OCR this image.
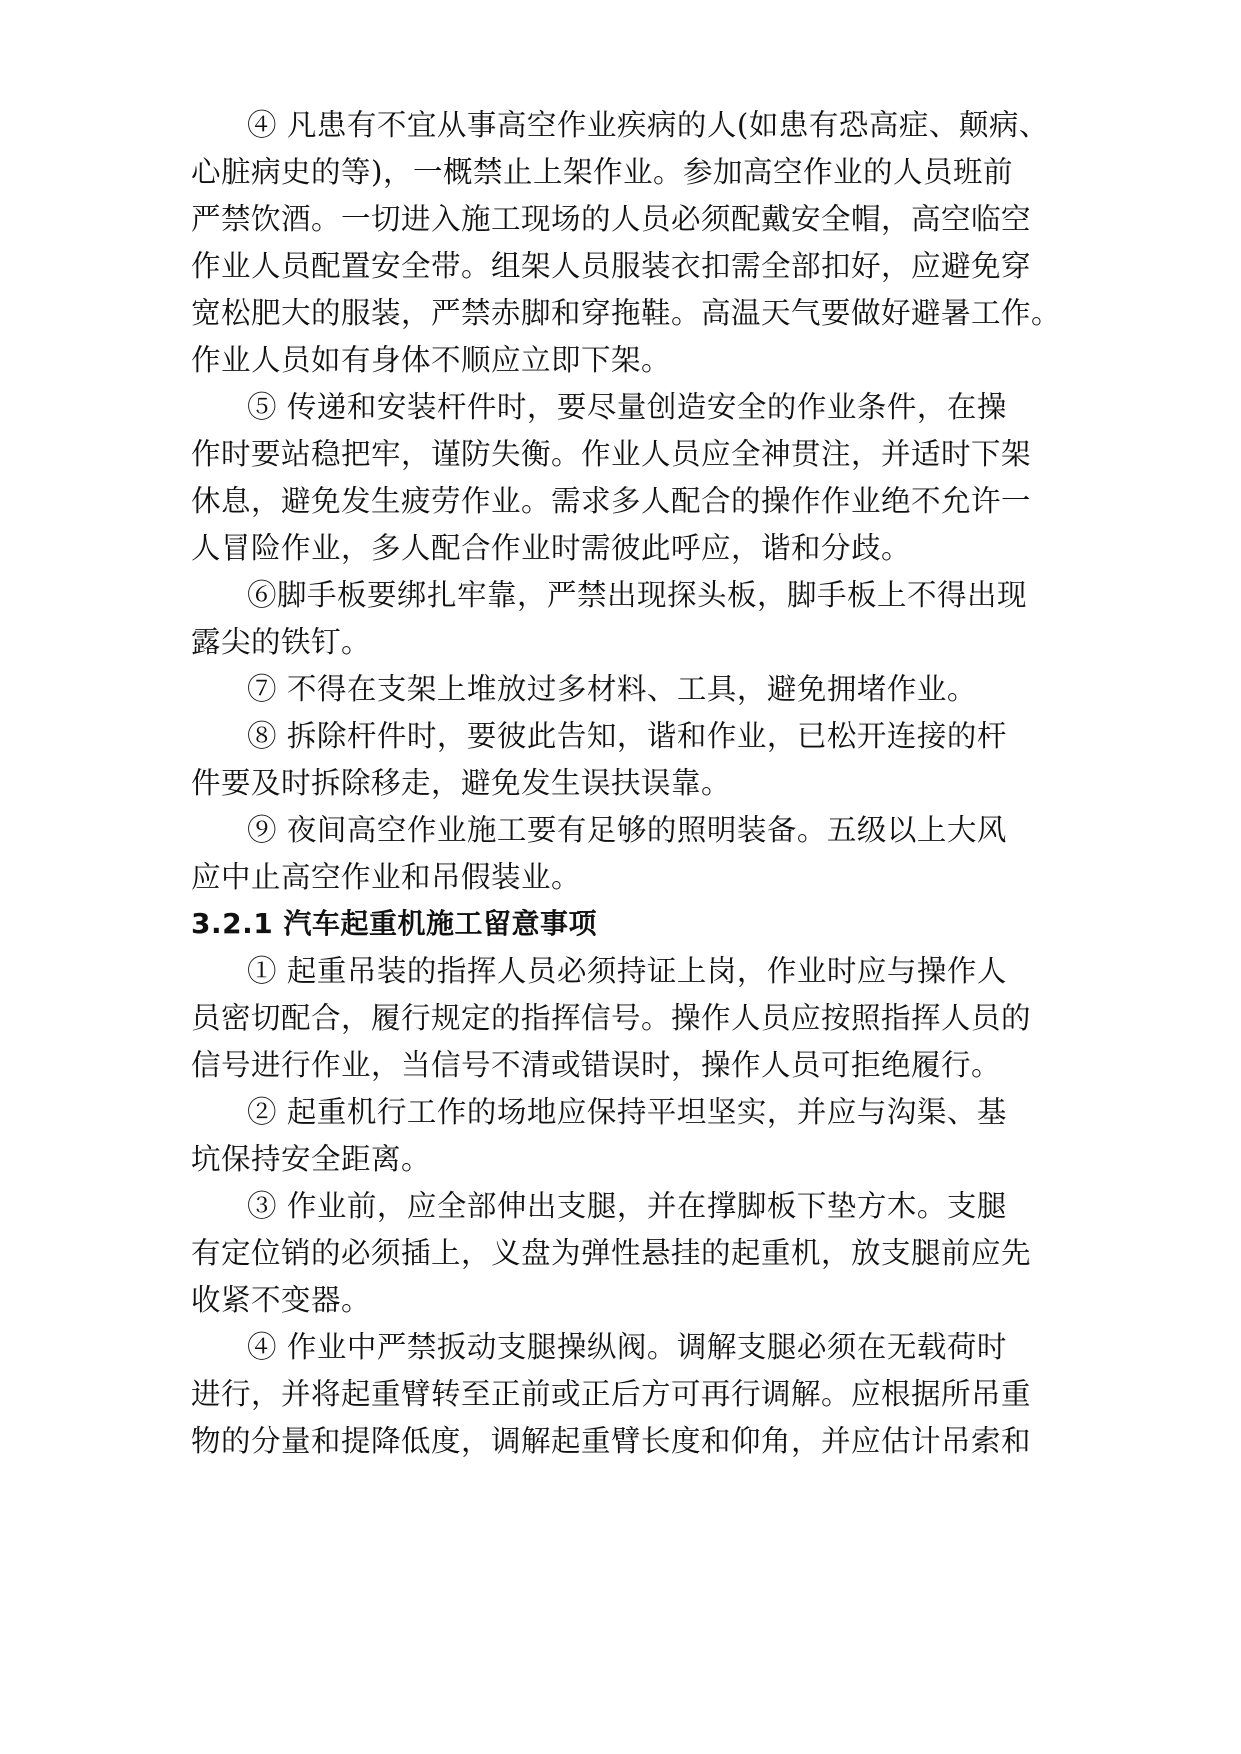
④ 凡患有不宜从事高空作业疾病的人(如患有恐高症、颠病、
心脏病史的等)，一概禁止上架作业。参加高空作业的人员班前
严禁饮酒。一切进入施工现场的人员必须配戴安全帽，高空临空
作业人员配置安全带。组架人员服装衣扣需全部扣好，应避免穿
宽松肥大的服装，严禁赤脚和穿拖鞋。高温天气要做好避暑工作。
作业人员如有身体不顺应立即下架。
⑤ 传递和安装杆件时，要尽量创造安全的作业条件，在操
作时要站稳把牢，谨防失衡。作业人员应全神贯注，并适时下架
休息，避免发生疲劳作业。需求多人配合的操作作业绝不允许一
人冒险作业，多人配合作业时需彼此呼应，谐和分歧。
⑥脚手板要绑扎牢靠，严禁出现探头板，脚手板上不得出现
露尖的铁钉。
⑦ 不得在支架上堆放过多材料、工具，避免拥堵作业。
⑧ 拆除杆件时，要彼此告知，谐和作业，已松开连接的杆
件要及时拆除移走，避免发生误扶误靠。
⑨ 夜间高空作业施工要有足够的照明装备。五级以上大风
应中止高空作业和吊假装业。
3.2.1 汽车起重机施工留意事项
① 起重吊装的指挥人员必须持证上岗，作业时应与操作人
员密切配合，履行规定的指挥信号。操作人员应按照指挥人员的
信号进行作业，当信号不清或错误时，操作人员可拒绝履行。
② 起重机行工作的场地应保持平坦坚实，并应与沟渠、基
坑保持安全距离。
③ 作业前，应全部伸出支腿，并在撑脚板下垫方木。支腿
有定位销的必须插上，义盘为弹性悬挂的起重机，放支腿前应先
收紧不变器。
④ 作业中严禁扳动支腿操纵阀。调解支腿必须在无载荷时
进行，并将起重臂转至正前或正后方可再行调解。应根据所吊重
物的分量和提降低度，调解起重臂长度和仰角，并应估计吊索和
